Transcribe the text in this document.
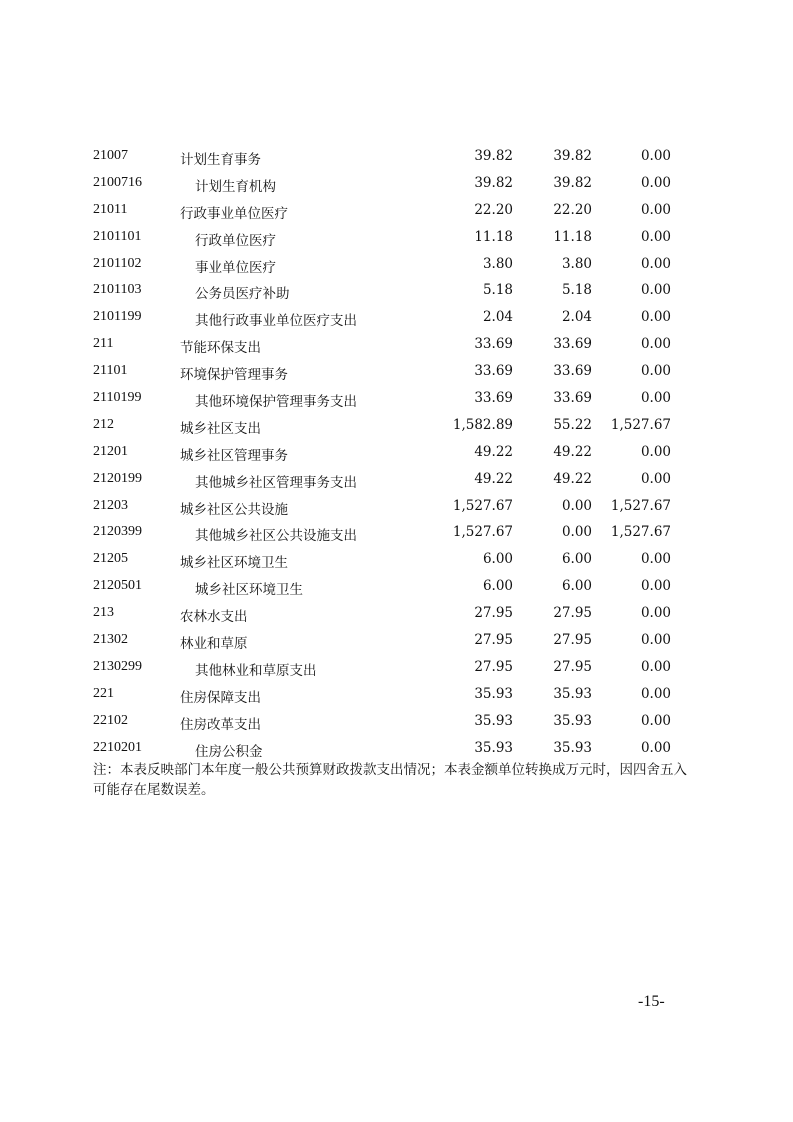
21007	计划生育事务	39.82	39.82	0.00
2100716	计划生育机构	39.82	39.82	0.00
21011	行政事业单位医疗	22.20	22.20	0.00
2101101	行政单位医疗	11.18	11.18	0.00
2101102	事业单位医疗	3.80	3.80	0.00
2101103	公务员医疗补助	5.18	5.18	0.00
2101199	其他行政事业单位医疗支出	2.04	2.04	0.00
211	节能环保支出	33.69	33.69	0.00
21101	环境保护管理事务	33.69	33.69	0.00
2110199	其他环境保护管理事务支出	33.69	33.69	0.00
212	城乡社区支出	1,582.89	55.22 1,527.67
21201	城乡社区管理事务	49.22	49.22	0.00
2120199	其他城乡社区管理事务支出	49.22	49.22	0.00
21203	城乡社区公共设施	1,527.67	0.00 1,527.67
2120399	其他城乡社区公共设施支出	1,527.67	0.00 1,527.67
21205	城乡社区环境卫生	6.00	6.00	0.00
2120501	城乡社区环境卫生	6.00	6.00	0.00
213	农林水支出	27.95	27.95	0.00
21302	林业和草原	27.95	27.95	0.00
2130299	其他林业和草原支出	27.95	27.95	0.00
221	住房保障支出	35.93	35.93	0.00
22102	住房改革支出	35.93	35.93	0.00
2210201	住房公积金	35.93	35.93	0.00
注：本表反映部门本年度一般公共预算财政拨款支出情况；本表金额单位转换成万元时，因四舍五入可能存在尾数误差。
-15-
